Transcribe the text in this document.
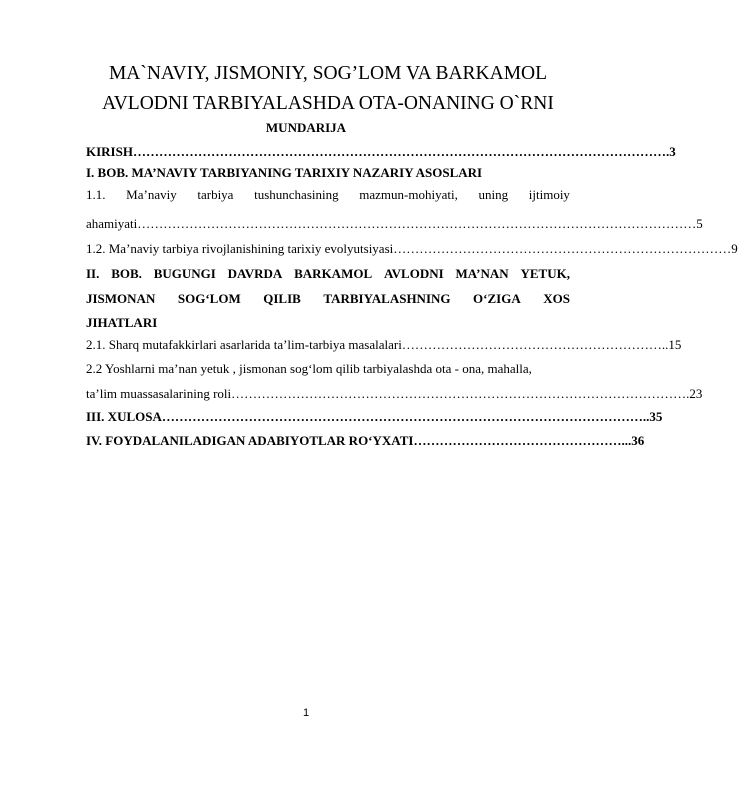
MA`NAVIY, JISMONIY, SOG’LOM VA BARKAMOL
AVLODNI TARBIYALASHDA OTA-ONANING O`RNI
MUNDARIJA
KIRISH …………………………………………………………………………………………………………… .3
I. BOB. MA’NAVIY TARBIYANING TARIXIY NAZARIY ASOSLARI
1.1. Ma’naviy tarbiya tushunchasining mazmun-mohiyati, uning ijtimoiy
ahamiyati ………………………………………………………………………………………………………………… 5
1.2. Ma’naviy tarbiya rivojlanishining tarixiy evolyutsiyasi …………………………………………………………………… 9
II. BOB. BUGUNGI DAVRDA BARKAMOL AVLODNI MA’NAN YETUK,
JISMONAN SOG‘LOM QILIB TARBIYALASHNING O‘ZIGA XOS
JIHATLARI
2.1. Sharq mutafakkirlari asarlarida ta’lim-tarbiya masalalari …………………………………………………… ..15
2.2 Yoshlarni ma’nan yetuk , jismonan sog‘lom qilib tarbiyalashda ota - ona, mahalla,
ta’lim muassasalarining roli …………………………………………………………………………………………… .23
III. XULOSA ………………………………………………………………………………………………… ..35
IV. FOYDALANILADIGAN ADABIYOTLAR RO‘YXATI ………………………………………… ...36
1
